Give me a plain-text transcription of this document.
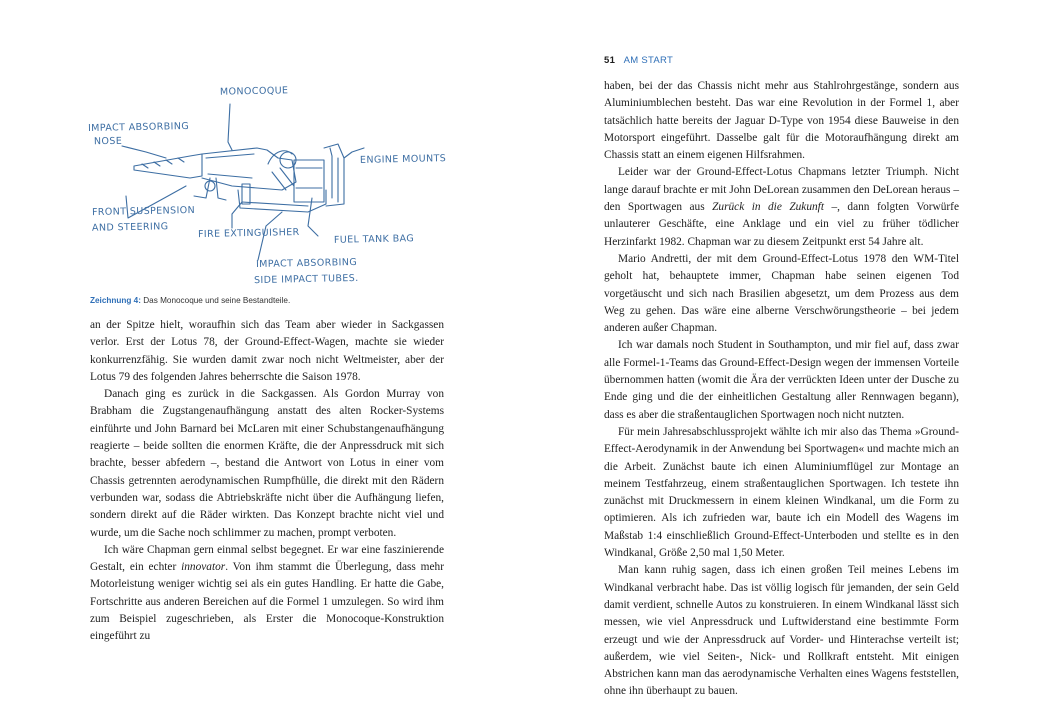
MONOCOQUE
IMPACT ABSORBING
NOSE
ENGINE MOUNTS
FRONT SUSPENSION
AND STEERING	FIRE EXTINGUISHER	FUEL TANK BAG
IMPACT ABSORBING
SIDE IMPACT TUBES.
Zeichnung 4: Das Monocoque und seine Bestandteile.

an der Spitze hielt, woraufhin sich das Team aber wieder in Sackgassen verlor. Erst der Lotus 78, der Ground-Effect-Wagen, machte sie wieder konkurrenzfähig. Sie wurden damit zwar noch nicht Weltmeister, aber der Lotus 79 des folgenden Jahres beherrschte die Saison 1978.

Danach ging es zurück in die Sackgassen. Als Gordon Murray von Brabham die Zugstangenaufhängung anstatt des alten Rocker-Systems einführte und John Barnard bei McLaren mit einer Schubstangenaufhängung reagierte – beide sollten die enormen Kräfte, die der Anpressdruck mit sich brachte, besser abfedern –, bestand die Antwort von Lotus in einer vom Chassis getrennten aerodynamischen Rumpfhülle, die direkt mit den Rädern verbunden war, sodass die Abtriebskräfte nicht über die Aufhängung liefen, sondern direkt auf die Räder wirkten. Das Konzept brachte nicht viel und wurde, um die Sache noch schlimmer zu machen, prompt verboten.

Ich wäre Chapman gern einmal selbst begegnet. Er war eine faszinierende Gestalt, ein echter innovator. Von ihm stammt die Überlegung, dass mehr Motorleistung weniger wichtig sei als ein gutes Handling. Er hatte die Gabe, Fortschritte aus anderen Bereichen auf die Formel 1 umzulegen. So wird ihm zum Beispiel zugeschrieben, als Erster die Monocoque-Konstruktion eingeführt zu

51 AM START

haben, bei der das Chassis nicht mehr aus Stahlrohrgestänge, sondern aus Aluminiumblechen besteht. Das war eine Revolution in der Formel 1, aber tatsächlich hatte bereits der Jaguar D-Type von 1954 diese Bauweise in den Motorsport eingeführt. Dasselbe galt für die Motoraufhängung direkt am Chassis statt an einem eigenen Hilfsrahmen.

Leider war der Ground-Effect-Lotus Chapmans letzter Triumph. Nicht lange darauf brachte er mit John DeLorean zusammen den DeLorean heraus – den Sportwagen aus Zurück in die Zukunft –, dann folgten Vorwürfe unlauterer Geschäfte, eine Anklage und ein viel zu früher tödlicher Herzinfarkt 1982. Chapman war zu diesem Zeitpunkt erst 54 Jahre alt.

Mario Andretti, der mit dem Ground-Effect-Lotus 1978 den WM-Titel geholt hat, behauptete immer, Chapman habe seinen eigenen Tod vorgetäuscht und sich nach Brasilien abgesetzt, um dem Prozess aus dem Weg zu gehen. Das wäre eine alberne Verschwörungstheorie – bei jedem anderen außer Chapman.

Ich war damals noch Student in Southampton, und mir fiel auf, dass zwar alle Formel-1-Teams das Ground-Effect-Design wegen der immensen Vorteile übernommen hatten (womit die Ära der verrückten Ideen unter der Dusche zu Ende ging und die der einheitlichen Gestaltung aller Rennwagen begann), dass es aber die straßentauglichen Sportwagen noch nicht nutzten.

Für mein Jahresabschlussprojekt wählte ich mir also das Thema »Ground-Effect-Aerodynamik in der Anwendung bei Sportwagen« und machte mich an die Arbeit. Zunächst baute ich einen Aluminiumflügel zur Montage an meinem Testfahrzeug, einem straßentauglichen Sportwagen. Ich testete ihn zunächst mit Druckmessern in einem kleinen Windkanal, um die Form zu optimieren. Als ich zufrieden war, baute ich ein Modell des Wagens im Maßstab 1:4 einschließlich Ground-Effect-Unterboden und stellte es in den Windkanal, Größe 2,50 mal 1,50 Meter.

Man kann ruhig sagen, dass ich einen großen Teil meines Lebens im Windkanal verbracht habe. Das ist völlig logisch für jemanden, der sein Geld damit verdient, schnelle Autos zu konstruieren. In einem Windkanal lässt sich messen, wie viel Anpressdruck und Luftwiderstand eine bestimmte Form erzeugt und wie der Anpressdruck auf Vorder- und Hinterachse verteilt ist; außerdem, wie viel Seiten-, Nick- und Rollkraft entsteht. Mit einigen Abstrichen kann man das aerodynamische Verhalten eines Wagens feststellen, ohne ihn überhaupt zu bauen.
